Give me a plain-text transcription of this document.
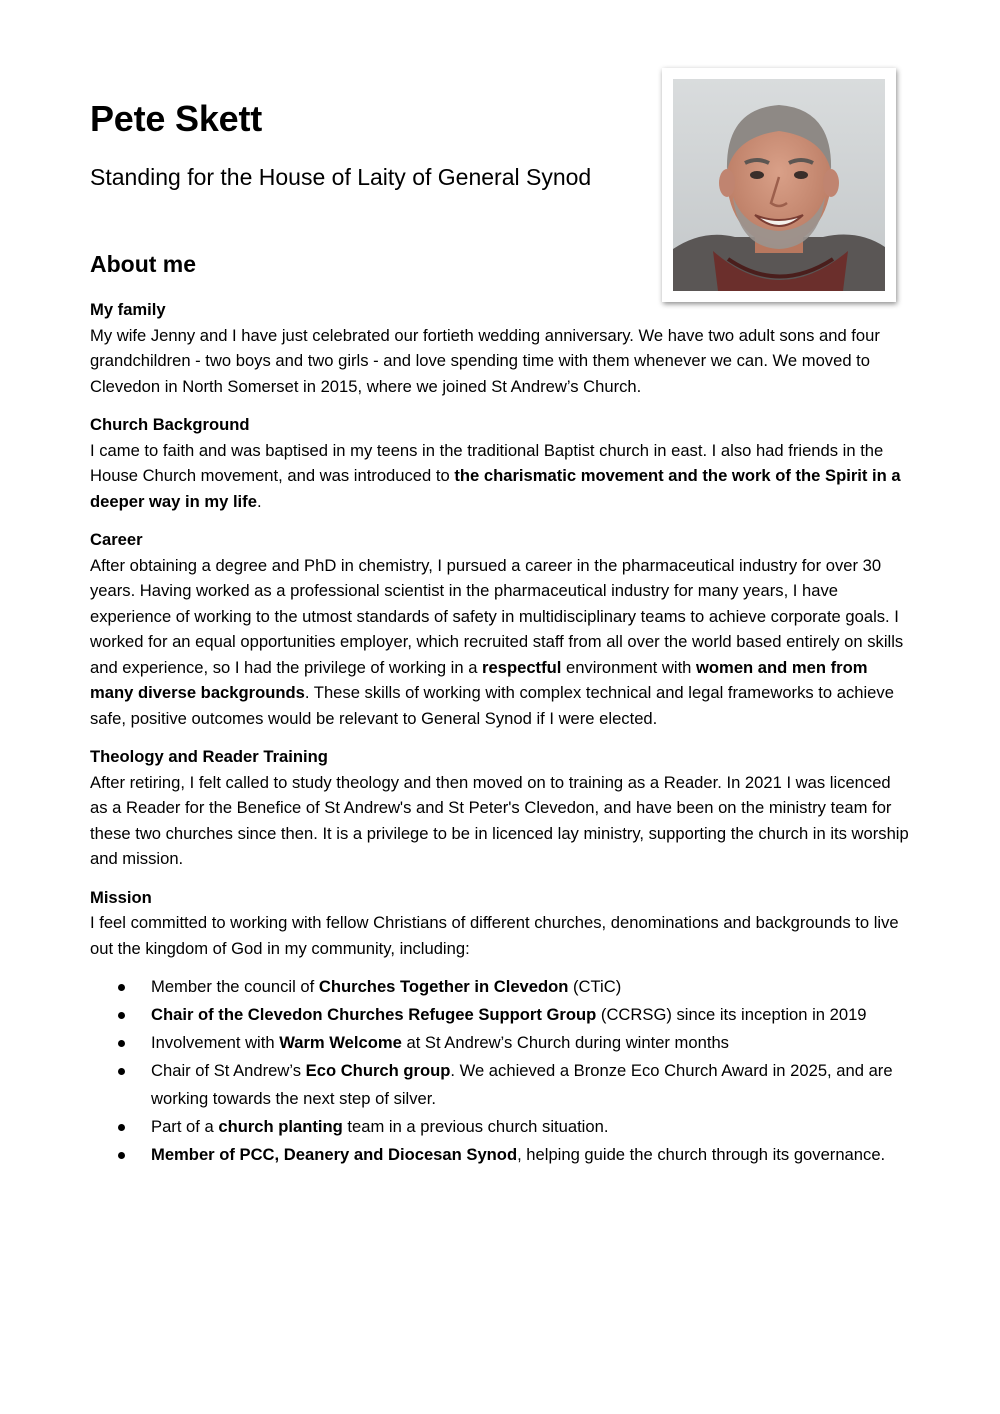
Pete Skett
Standing for the House of Laity of General Synod
About me
My family

My wife Jenny and I have just celebrated our fortieth wedding anniversary. We have two adult sons and four grandchildren - two boys and two girls - and love spending time with them whenever we can. We moved to Clevedon in North Somerset in 2015, where we joined St Andrew’s Church.

Church Background

I came to faith and was baptised in my teens in the traditional Baptist church in east. I also had friends in the House Church movement, and was introduced to the charismatic movement and the work of the Spirit in a deeper way in my life.

Career

After obtaining a degree and PhD in chemistry, I pursued a career in the pharmaceutical industry for over 30 years. Having worked as a professional scientist in the pharmaceutical industry for many years, I have experience of working to the utmost standards of safety in multidisciplinary teams to achieve corporate goals. I worked for an equal opportunities employer, which recruited staff from all over the world based entirely on skills and experience, so I had the privilege of working in a respectful environment with women and men from many diverse backgrounds. These skills of working with complex technical and legal frameworks to achieve safe, positive outcomes would be relevant to General Synod if I were elected.

Theology and Reader Training

After retiring, I felt called to study theology and then moved on to training as a Reader. In 2021 I was licenced as a Reader for the Benefice of St Andrew's and St Peter's Clevedon, and have been on the ministry team for these two churches since then. It is a privilege to be in licenced lay ministry, supporting the church in its worship and mission.

Mission

I feel committed to working with fellow Christians of different churches, denominations and backgrounds to live out the kingdom of God in my community, including:

Member the council of Churches Together in Clevedon (CTiC)
Chair of the Clevedon Churches Refugee Support Group (CCRSG) since its inception in 2019
Involvement with Warm Welcome at St Andrew’s Church during winter months
Chair of St Andrew’s Eco Church group. We achieved a Bronze Eco Church Award in 2025, and are working towards the next step of silver.
Part of a church planting team in a previous church situation.
Member of PCC, Deanery and Diocesan Synod, helping guide the church through its governance.
